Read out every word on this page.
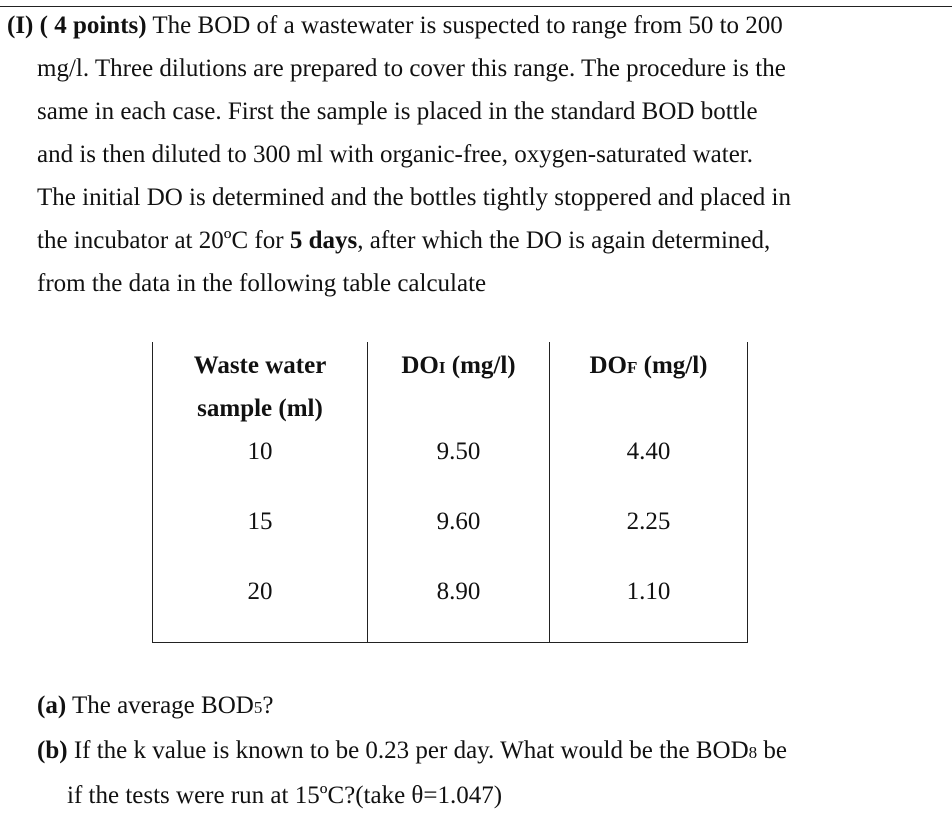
(I) ( 4 points) The BOD of a wastewater is suspected to range from 50 to 200
mg/l. Three dilutions are prepared to cover this range. The procedure is the
same in each case. First the sample is placed in the standard BOD bottle
and is then diluted to 300 ml with organic-free, oxygen-saturated water.
The initial DO is determined and the bottles tightly stoppered and placed in
the incubator at 20ºC for 5 days, after which the DO is again determined,
from the data in the following table calculate
Waste water
sample (ml)	DOI (mg/l)	DOF (mg/l)
10	9.50	4.40
15	9.60	2.25
20	8.90	1.10
(a) The average BOD5?
(b) If the k value is known to be 0.23 per day. What would be the BOD8 be
if the tests were run at 15ºC?(take θ=1.047)
